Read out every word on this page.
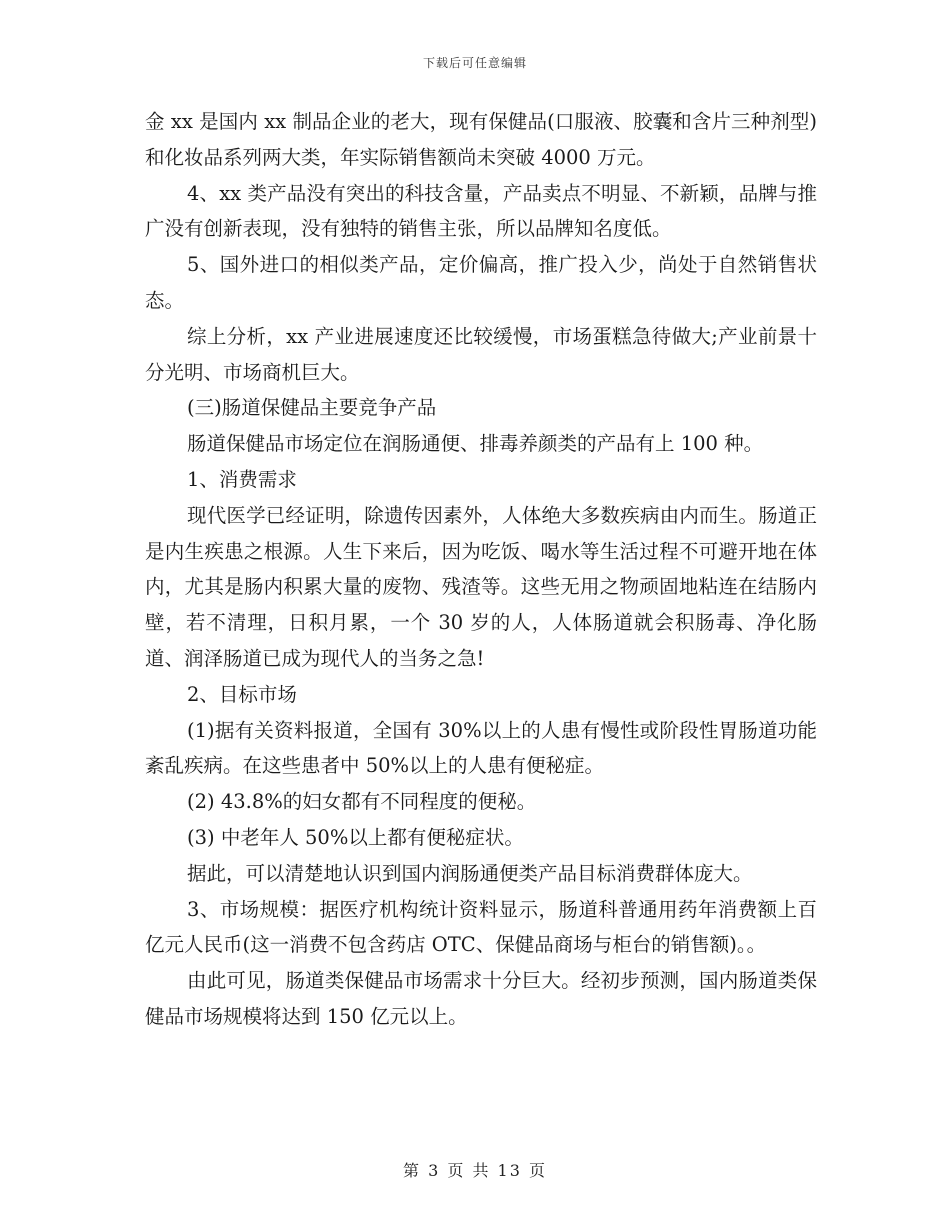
下载后可任意编辑

金 xx 是国内 xx 制品企业的老大，现有保健品(口服液、胶囊和含片三种剂型)和化妆品系列两大类，年实际销售额尚未突破 4000 万元。

4、xx 类产品没有突出的科技含量，产品卖点不明显、不新颖，品牌与推广没有创新表现，没有独特的销售主张，所以品牌知名度低。

5、国外进口的相似类产品，定价偏高，推广投入少，尚处于自然销售状态。

综上分析，xx 产业进展速度还比较缓慢，市场蛋糕急待做大;产业前景十分光明、市场商机巨大。

(三)肠道保健品主要竞争产品

肠道保健品市场定位在润肠通便、排毒养颜类的产品有上 100 种。

1、消费需求

现代医学已经证明，除遗传因素外，人体绝大多数疾病由内而生。肠道正是内生疾患之根源。人生下来后，因为吃饭、喝水等生活过程不可避开地在体内，尤其是肠内积累大量的废物、残渣等。这些无用之物顽固地粘连在结肠内壁，若不清理，日积月累，一个 30 岁的人，人体肠道就会积肠毒、净化肠道、润泽肠道已成为现代人的当务之急!

2、目标市场

(1)据有关资料报道，全国有 30%以上的人患有慢性或阶段性胃肠道功能紊乱疾病。在这些患者中 50%以上的人患有便秘症。

(2) 43.8%的妇女都有不同程度的便秘。

(3) 中老年人 50%以上都有便秘症状。

据此，可以清楚地认识到国内润肠通便类产品目标消费群体庞大。

3、市场规模：据医疗机构统计资料显示，肠道科普通用药年消费额上百亿元人民币(这一消费不包含药店 OTC、保健品商场与柜台的销售额)。。

由此可见，肠道类保健品市场需求十分巨大。经初步预测，国内肠道类保健品市场规模将达到 150 亿元以上。

第 3 页 共 13 页
